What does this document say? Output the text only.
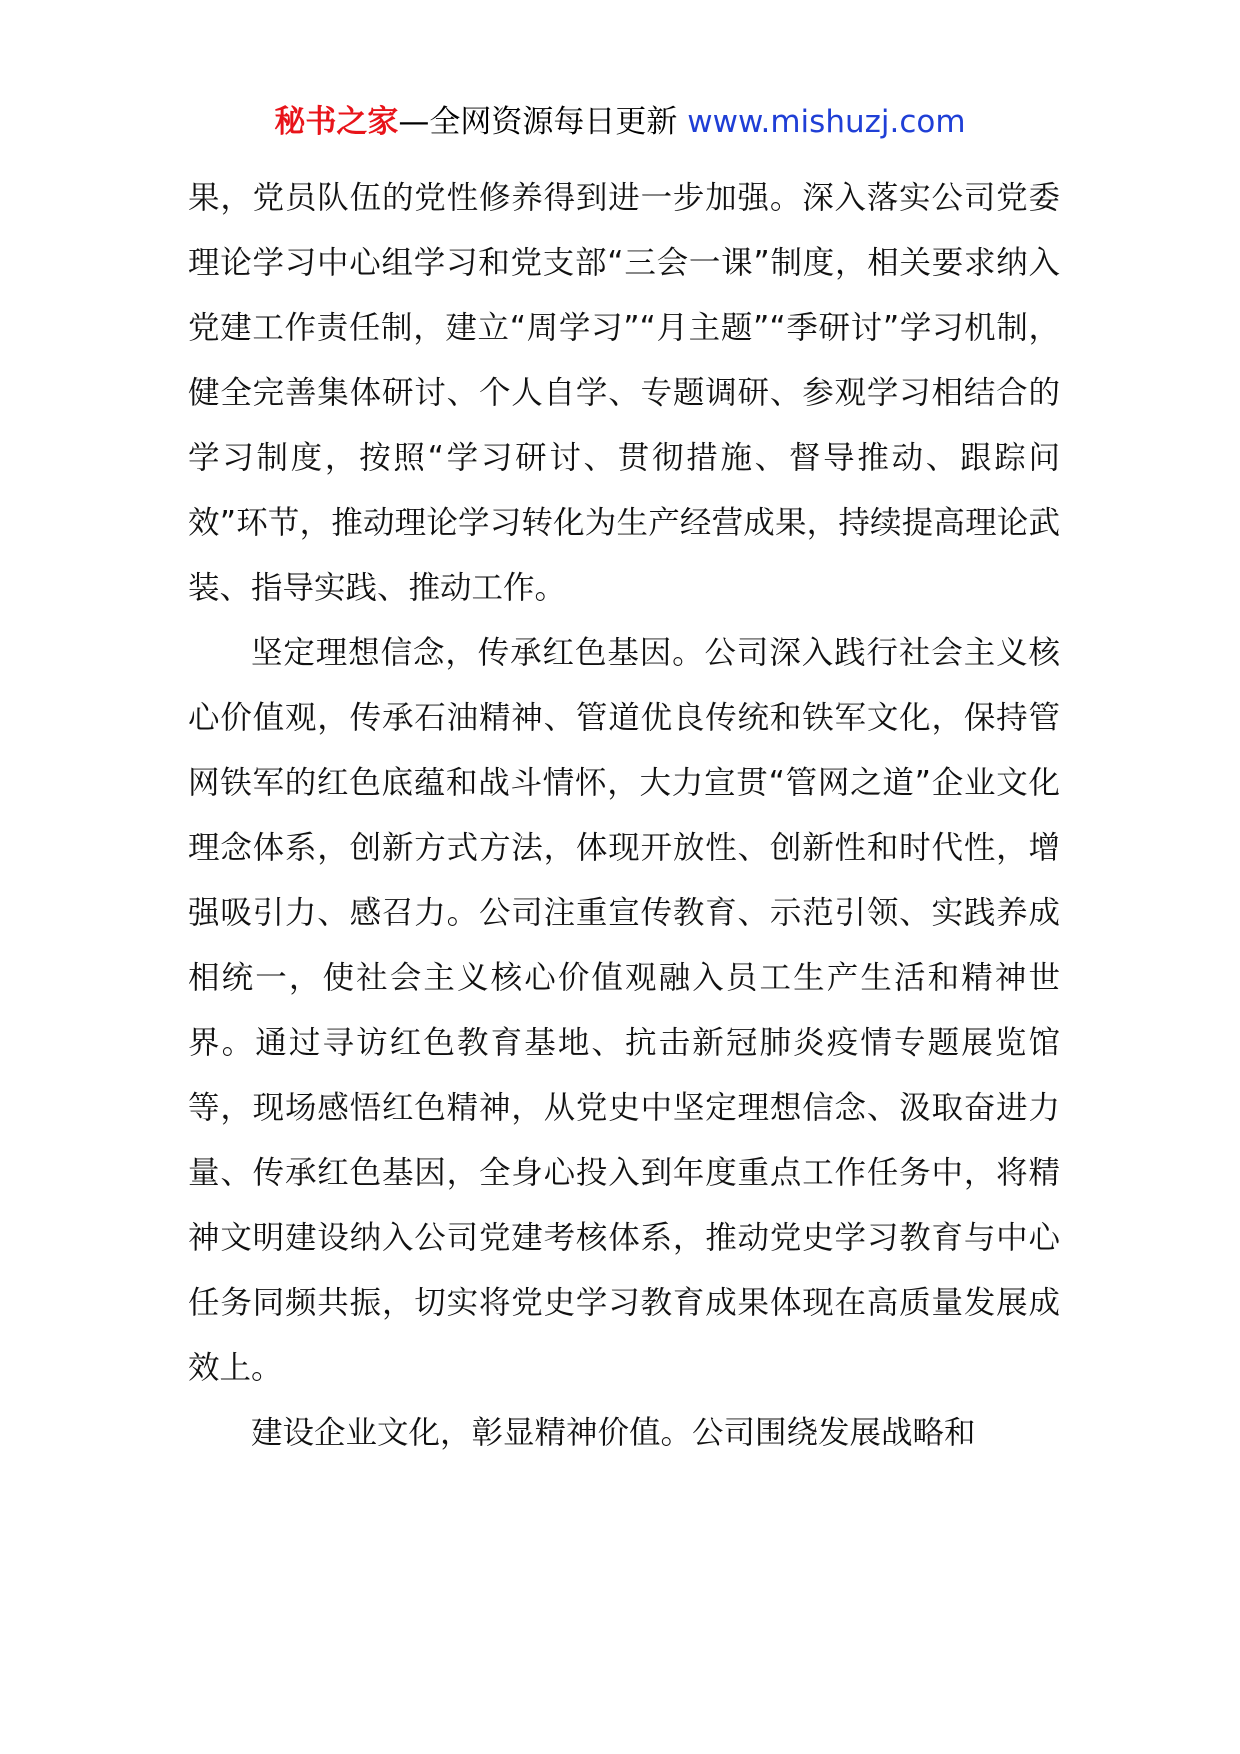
秘书之家—全网资源每日更新 www.mishuzj.com

果，党员队伍的党性修养得到进一步加强。深入落实公司党委理论学习中心组学习和党支部“三会一课”制度，相关要求纳入党建工作责任制，建立“周学习”“月主题”“季研讨”学习机制，健全完善集体研讨、个人自学、专题调研、参观学习相结合的学习制度，按照“学习研讨、贯彻措施、督导推动、跟踪问效”环节，推动理论学习转化为生产经营成果，持续提高理论武装、指导实践、推动工作。

坚定理想信念，传承红色基因。公司深入践行社会主义核心价值观，传承石油精神、管道优良传统和铁军文化，保持管网铁军的红色底蕴和战斗情怀，大力宣贯“管网之道”企业文化理念体系，创新方式方法，体现开放性、创新性和时代性，增强吸引力、感召力。公司注重宣传教育、示范引领、实践养成相统一，使社会主义核心价值观融入员工生产生活和精神世界。通过寻访红色教育基地、抗击新冠肺炎疫情专题展览馆等，现场感悟红色精神，从党史中坚定理想信念、汲取奋进力量、传承红色基因，全身心投入到年度重点工作任务中，将精神文明建设纳入公司党建考核体系，推动党史学习教育与中心任务同频共振，切实将党史学习教育成果体现在高质量发展成效上。

建设企业文化，彰显精神价值。公司围绕发展战略和
